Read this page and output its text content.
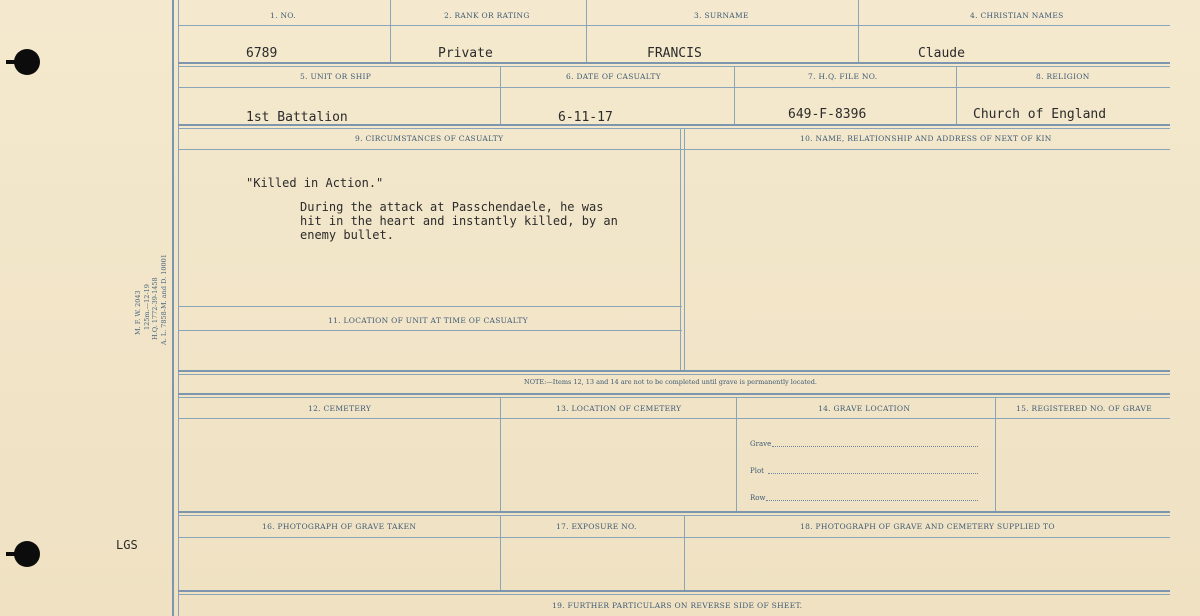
M. F. W. 2043 125m.—12-19 H.Q. 1772-39-1458 A. L. 7858-M. and D. 10001
LGS
1. NO.	2. RANK OR RATING	3. SURNAME	4. CHRISTIAN NAMES
6789	Private	FRANCIS	Claude
5. UNIT OR SHIP	6. DATE OF CASUALTY	7. H.Q. FILE NO.	8. RELIGION
1st Battalion	6-11-17	649-F-8396	Church of England
9. CIRCUMSTANCES OF CASUALTY	10. NAME, RELATIONSHIP AND ADDRESS OF NEXT OF KIN
"Killed in Action."
During the attack at Passchendaele, he was
hit in the heart and instantly killed, by an
enemy bullet.
11. LOCATION OF UNIT AT TIME OF CASUALTY
NOTE:—Items 12, 13 and 14 are not to be completed until grave is permanently located.
12. CEMETERY	13. LOCATION OF CEMETERY	14. GRAVE LOCATION	15. REGISTERED NO. OF GRAVE
Grave
Plot
Row
16. PHOTOGRAPH OF GRAVE TAKEN	17. EXPOSURE NO.	18. PHOTOGRAPH OF GRAVE AND CEMETERY SUPPLIED TO
19. FURTHER PARTICULARS ON REVERSE SIDE OF SHEET.
